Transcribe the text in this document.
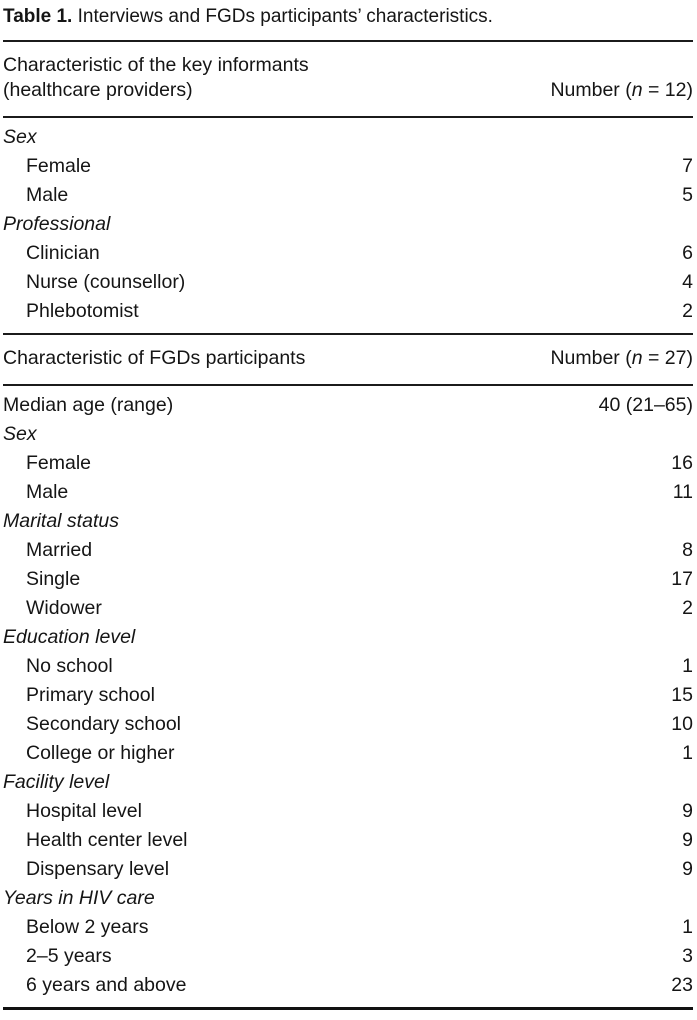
Table 1. Interviews and FGDs participants’ characteristics.
Characteristic of the key informants (healthcare providers)	Number (n = 12)
Sex
Female	7
Male	5
Professional
Clinician	6
Nurse (counsellor)	4
Phlebotomist	2
Characteristic of FGDs participants	Number (n = 27)
Median age (range)	40 (21–65)
Sex
Female	16
Male	11
Marital status
Married	8
Single	17
Widower	2
Education level
No school	1
Primary school	15
Secondary school	10
College or higher	1
Facility level
Hospital level	9
Health center level	9
Dispensary level	9
Years in HIV care
Below 2 years	1
2–5 years	3
6 years and above	23
